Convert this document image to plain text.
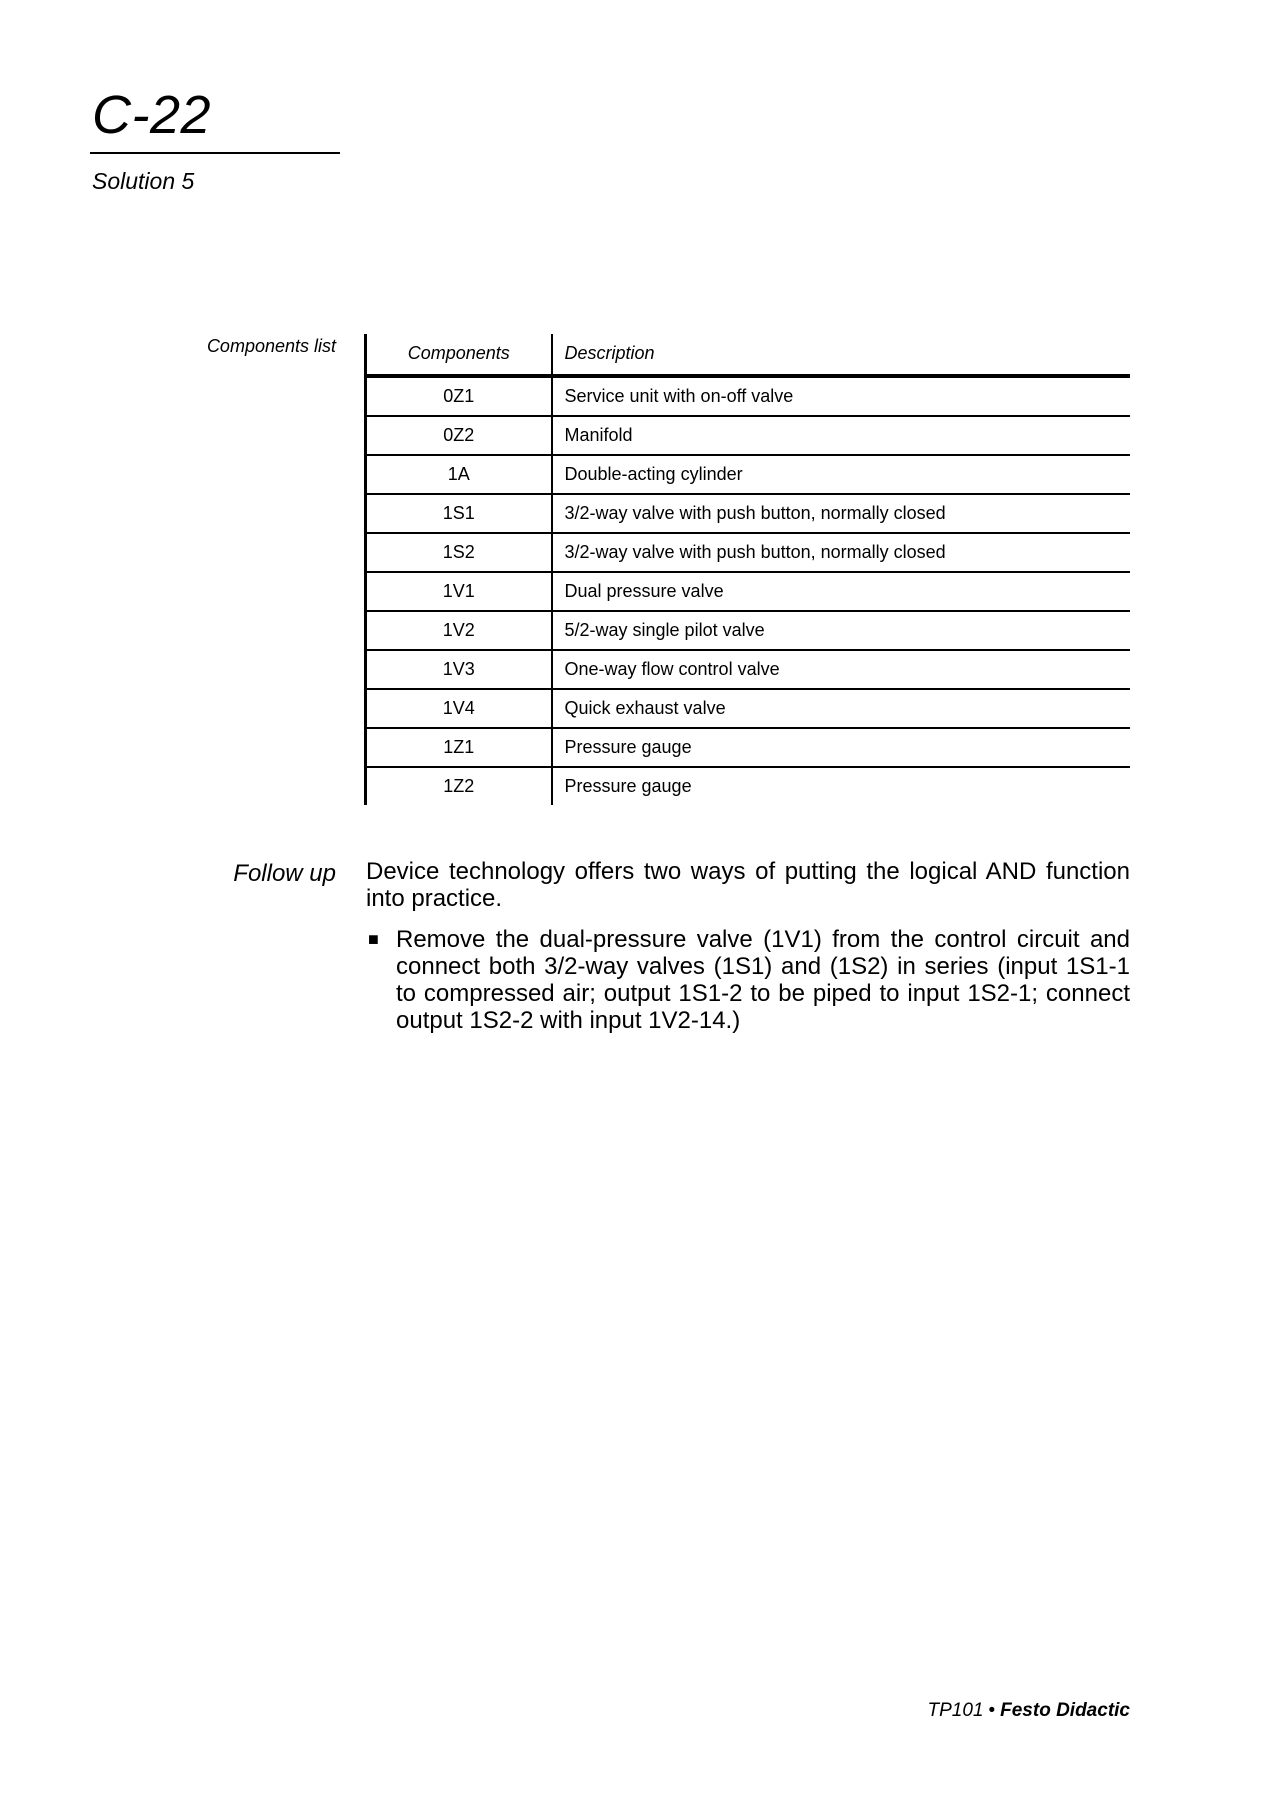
C-22
Solution 5
Components list	Components	Description
0Z1	Service unit with on-off valve
0Z2	Manifold
1A	Double-acting cylinder
1S1	3/2-way valve with push button, normally closed
1S2	3/2-way valve with push button, normally closed
1V1	Dual pressure valve
1V2	5/2-way single pilot valve
1V3	One-way flow control valve
1V4	Quick exhaust valve
1Z1	Pressure gauge
1Z2	Pressure gauge
Follow up Device technology offers two ways of putting the logical AND function into practice.

■ Remove the dual-pressure valve (1V1) from the control circuit and connect both 3/2-way valves (1S1) and (1S2) in series (input 1S1-1 to compressed air; output 1S1-2 to be piped to input 1S2-1; connect output 1S2-2 with input 1V2-14.)
TP101 • Festo Didactic
